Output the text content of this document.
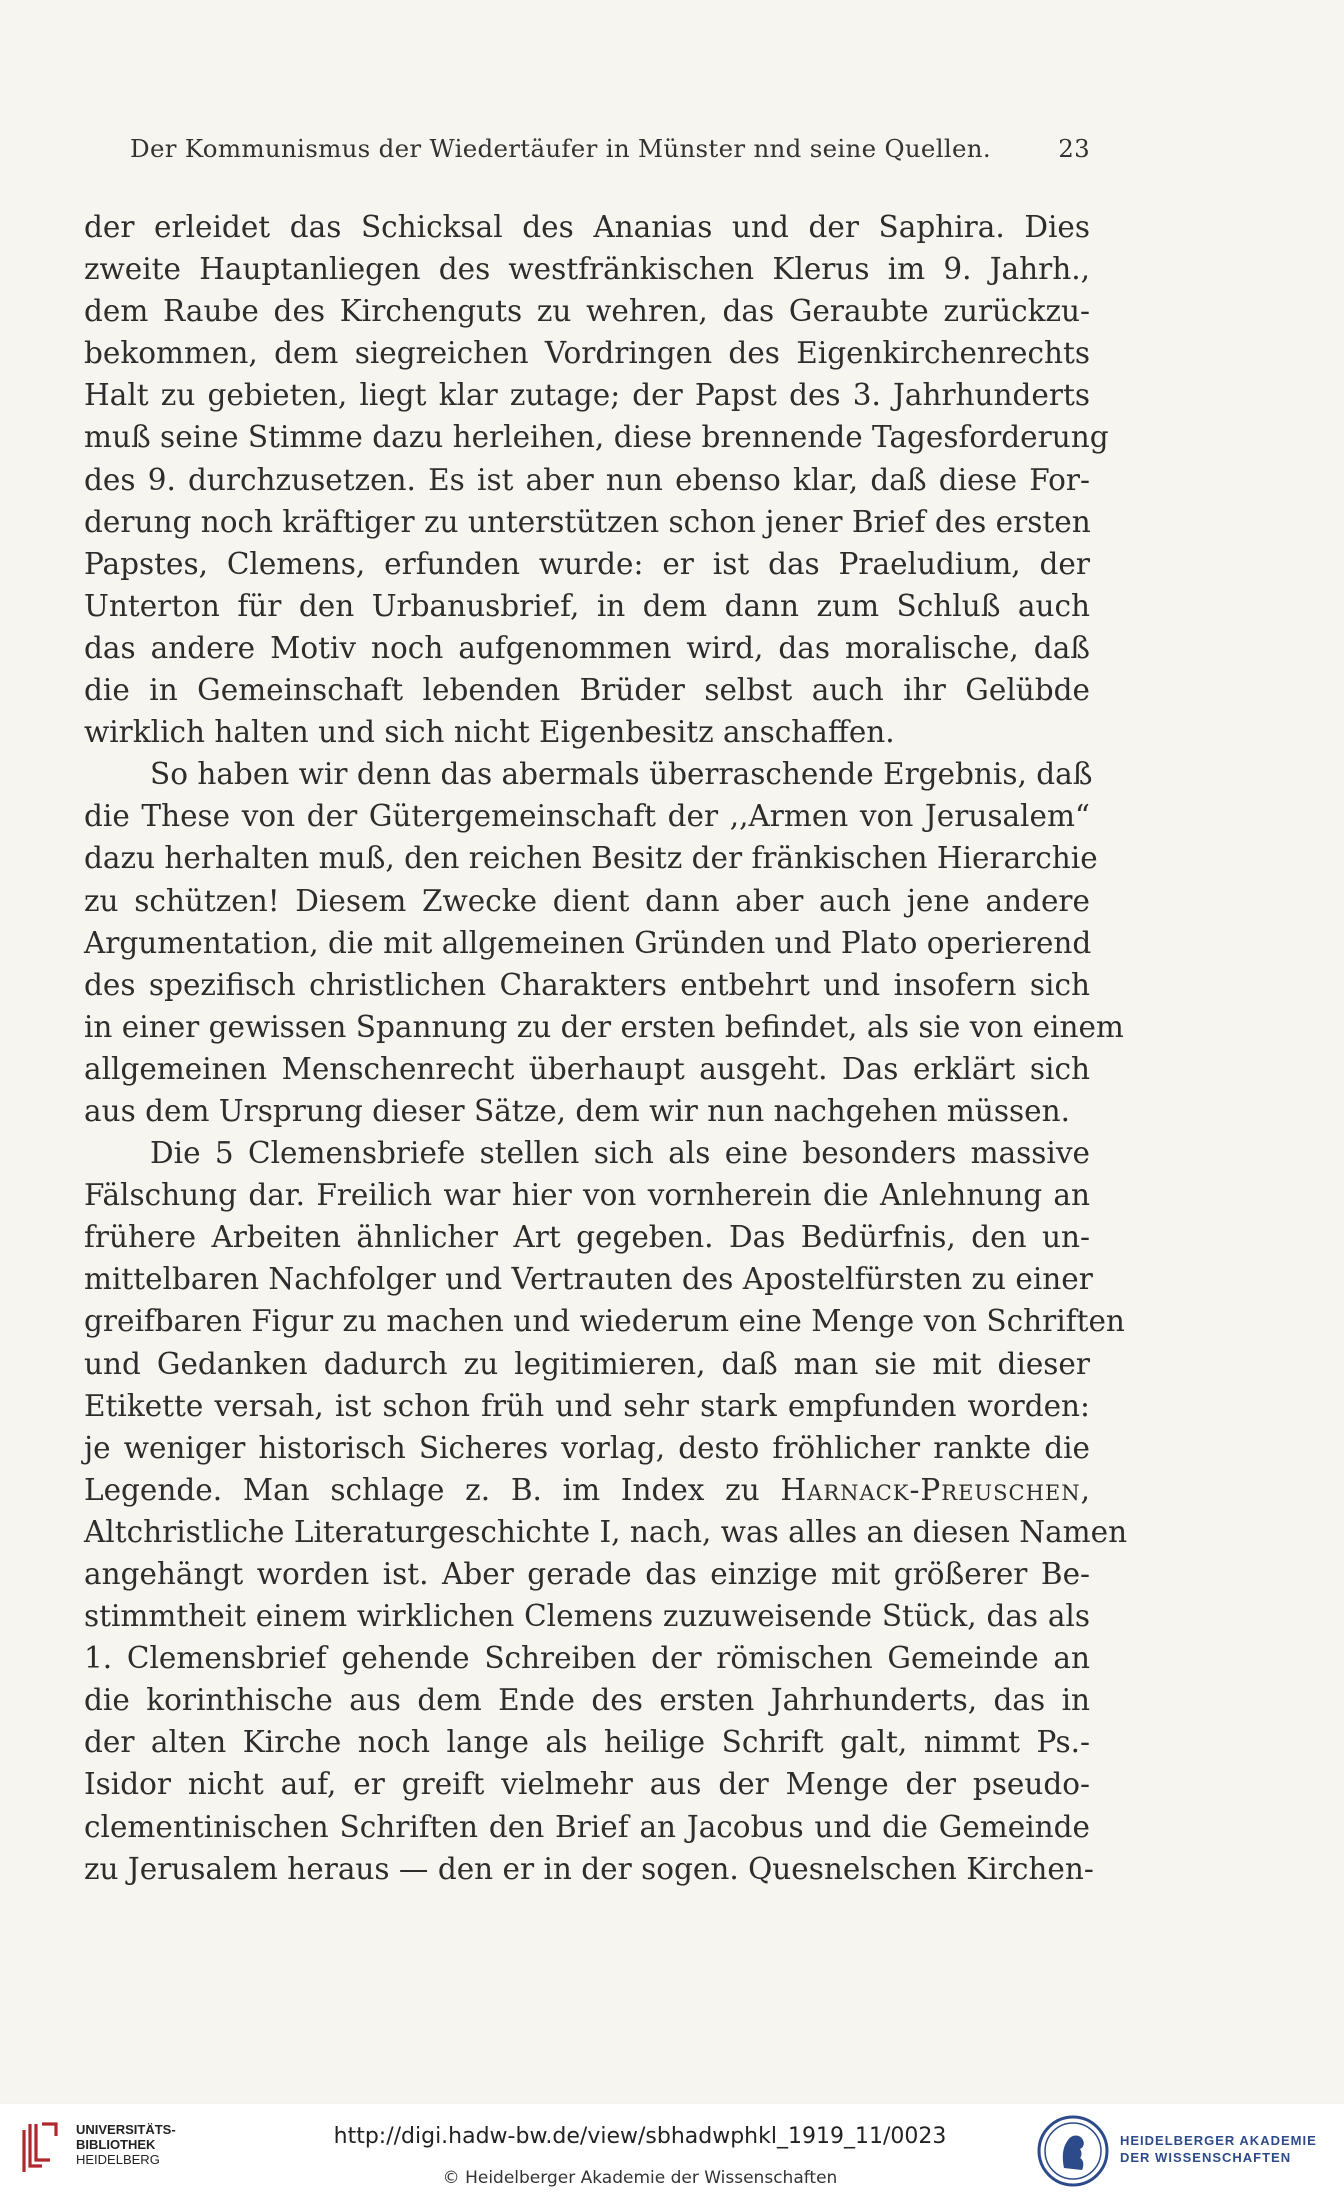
Der Kommunismus der Wiedertäufer in Münster nnd seine Quellen.	23
der erleidet das Schicksal des Ananias und der Saphira. Dies
zweite Hauptanliegen des westfränkischen Klerus im 9. Jahrh.,
dem Raube des Kirchenguts zu wehren, das Geraubte zurückzu-
bekommen, dem siegreichen Vordringen des Eigenkirchenrechts
Halt zu gebieten, liegt klar zutage; der Papst des 3. Jahrhunderts
muß seine Stimme dazu herleihen, diese brennende Tagesforderung
des 9. durchzusetzen. Es ist aber nun ebenso klar, daß diese For-
derung noch kräftiger zu unterstützen schon jener Brief des ersten
Papstes, Clemens, erfunden wurde: er ist das Praeludium, der
Unterton für den Urbanusbrief, in dem dann zum Schluß auch
das andere Motiv noch aufgenommen wird, das moralische, daß
die in Gemeinschaft lebenden Brüder selbst auch ihr Gelübde
wirklich halten und sich nicht Eigenbesitz anschaffen.
So haben wir denn das abermals überraschende Ergebnis, daß
die These von der Gütergemeinschaft der ,,Armen von Jerusalem“
dazu herhalten muß, den reichen Besitz der fränkischen Hierarchie
zu schützen! Diesem Zwecke dient dann aber auch jene andere
Argumentation, die mit allgemeinen Gründen und Plato operierend
des spezifisch christlichen Charakters entbehrt und insofern sich
in einer gewissen Spannung zu der ersten befindet, als sie von einem
allgemeinen Menschenrecht überhaupt ausgeht. Das erklärt sich
aus dem Ursprung dieser Sätze, dem wir nun nachgehen müssen.
Die 5 Clemensbriefe stellen sich als eine besonders massive
Fälschung dar. Freilich war hier von vornherein die Anlehnung an
frühere Arbeiten ähnlicher Art gegeben. Das Bedürfnis, den un-
mittelbaren Nachfolger und Vertrauten des Apostelfürsten zu einer
greifbaren Figur zu machen und wiederum eine Menge von Schriften
und Gedanken dadurch zu legitimieren, daß man sie mit dieser
Etikette versah, ist schon früh und sehr stark empfunden worden:
je weniger historisch Sicheres vorlag, desto fröhlicher rankte die
Legende. Man schlage z. B. im Index zu Harnack-Preuschen,
Altchristliche Literaturgeschichte I, nach, was alles an diesen Namen
angehängt worden ist. Aber gerade das einzige mit größerer Be-
stimmtheit einem wirklichen Clemens zuzuweisende Stück, das als
1. Clemensbrief gehende Schreiben der römischen Gemeinde an
die korinthische aus dem Ende des ersten Jahrhunderts, das in
der alten Kirche noch lange als heilige Schrift galt, nimmt Ps.-
Isidor nicht auf, er greift vielmehr aus der Menge der pseudo-
clementinischen Schriften den Brief an Jacobus und die Gemeinde
zu Jerusalem heraus — den er in der sogen. Quesnelschen Kirchen-
UNIVERSITÄTS-
BIBLIOTHEK
HEIDELBERG
http://digi.hadw-bw.de/view/sbhadwphkl_1919_11/0023
© Heidelberger Akademie der Wissenschaften
HEIDELBERGER AKADEMIE
DER WISSENSCHAFTEN
